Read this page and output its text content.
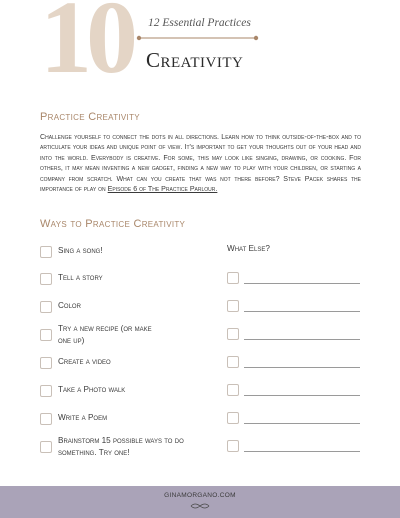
10 12 Essential Practices
Creativity
Practice Creativity
Challenge yourself to connect the dots in all directions. Learn how to think outside-of-the-box and to articulate your ideas and unique point of view. It's important to get your thoughts out of your head and into the world. Everybody is creative. For some, this may look like singing, drawing, or cooking. For others, it may mean inventing a new gadget, finding a new way to play with your children, or starting a company from scratch. What can you create that was not there before? Steve Pacek shares the importance of play on Episode 6 of The Practice Parlour.
Ways to Practice Creativity
What Else?
Sing a song!
Tell a story
Color
Try a new recipe (or make one up)
Create a video
Take a Photo walk
Write a Poem
Brainstorm 15 possible ways to do something. Try one!
GINAMORGANO.COM
